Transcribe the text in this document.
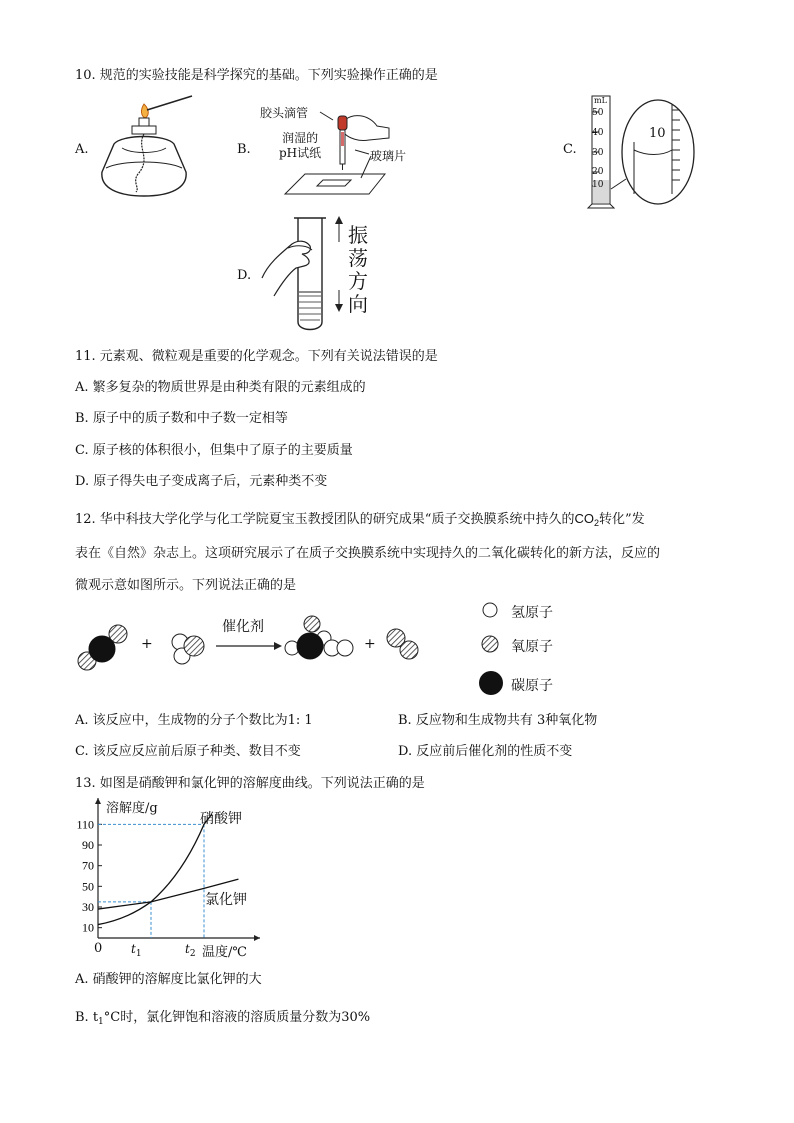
10. 规范的实验技能是科学探究的基础。下列实验操作正确的是
A.	B.
胶头滴管
润湿的
pH试纸	玻璃片	C.
mL
50
40
30
20
10
10
D.
振
荡
方
向
11. 元素观、微粒观是重要的化学观念。下列有关说法错误的是
A. 繁多复杂的物质世界是由种类有限的元素组成的
B. 原子中的质子数和中子数一定相等
C. 原子核的体积很小，但集中了原子的主要质量
D. 原子得失电子变成离子后，元素种类不变
12. 华中科技大学化学与化工学院夏宝玉教授团队的研究成果“质子交换膜系统中持久的$CO_2$转化”发
表在《自然》杂志上。这项研究展示了在质子交换膜系统中实现持久的二氧化碳转化的新方法，反应的
微观示意如图所示。下列说法正确的是
+	+
催化剂
氢原子
氧原子
碳原子
A. 该反应中，生成物的分子个数比为1: 1	B. 反应物和生成物共有 3种氧化物
C. 该反应反应前后原子种类、数目不变	D. 反应前后催化剂的性质不变
13. 如图是硝酸钾和氯化钾的溶解度曲线。下列说法正确的是
110
90
70
50
30
10
溶解度/g
温度/℃
0
硝酸钾
氯化钾
$t_1$	$t_2$
A. 硝酸钾的溶解度比氯化钾的大
B. $t_1^\circ C$时，氯化钾饱和溶液的溶质质量分数为30%
